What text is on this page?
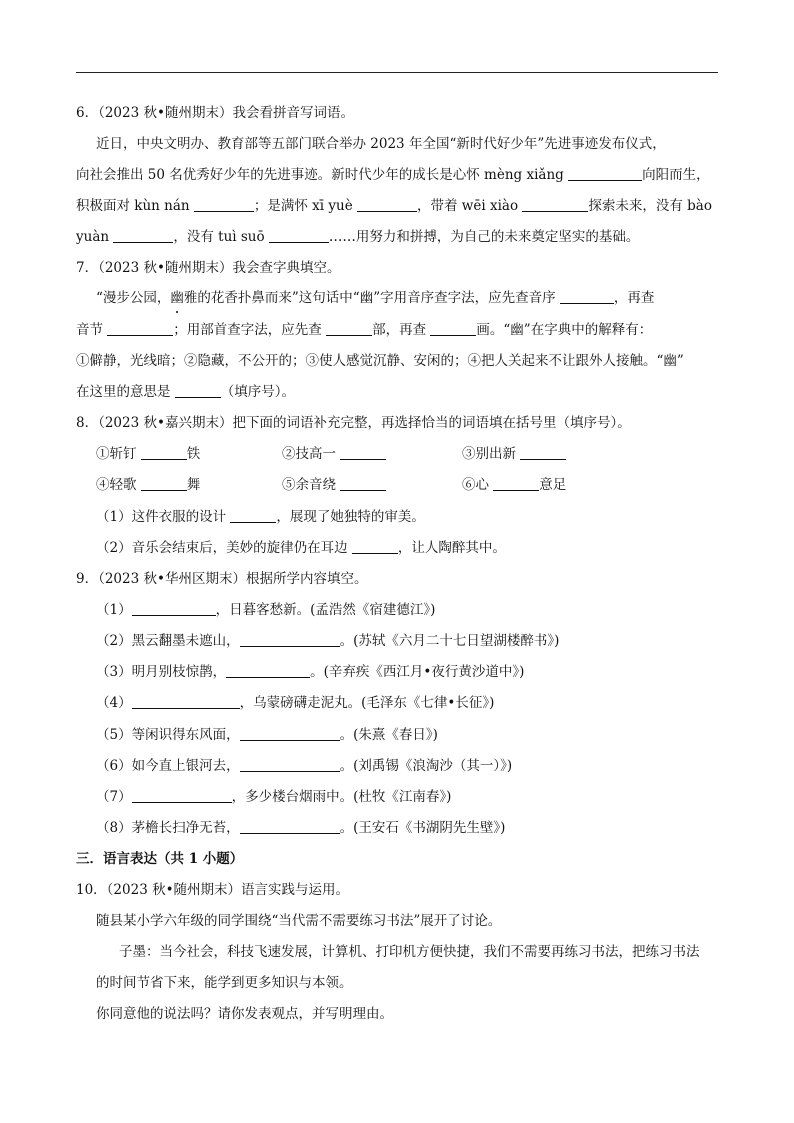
6．（2023 秋•随州期末）我会看拼音写词语。
近日，中央文明办、教育部等五部门联合举办 2023 年全国“新时代好少年”先进事迹发布仪式，
向社会推出 50 名优秀好少年的先进事迹。新时代少年的成长是心怀 mèng xiǎng	向阳而生，
积极面对 kùn nán	；是满怀 xī yuè	，带着 wēi xiào	探索未来，没有 bào
yuàn	，没有 tuì suō	……用努力和拼搏，为自己的未来奠定坚实的基础。
7．（2023 秋•随州期末）我会查字典填空。
“漫步公园，幽雅的花香扑鼻而来”这句话中“幽”字用音序查字法，应先查音序	，再查
音节	；用部首查字法，应先查	部，再查	画。“幽”在字典中的解释有：
①僻静，光线暗；②隐藏，不公开的；③使人感觉沉静、安闲的；④把人关起来不让跟外人接触。“幽”
在这里的意思是	（填序号）。
8．（2023 秋•嘉兴期末）把下面的词语补充完整，再选择恰当的词语填在括号里（填序号）。
①斩钉	铁	②技高一	③别出新
④轻歌	舞	⑤余音绕	⑥心	意足
（1）这件衣服的设计	，展现了她独特的审美。
（2）音乐会结束后，美妙的旋律仍在耳边	，让人陶醉其中。
9．（2023 秋•华州区期末）根据所学内容填空。
（1）	，日暮客愁新。(孟浩然《宿建德江》)
（2）黑云翻墨未遮山，	。(苏轼《六月二十七日望湖楼醉书》)
（3）明月别枝惊鹊，	。(辛弃疾《西江月•夜行黄沙道中》)
（4）	，乌蒙磅礴走泥丸。(毛泽东《七律•长征》)
（5）等闲识得东风面，	。(朱熹《春日》)
（6）如今直上银河去，	。(刘禹锡《浪淘沙（其一）》)
（7）	，多少楼台烟雨中。(杜牧《江南春》)
（8）茅檐长扫净无苔，	。(王安石《书湖阴先生壁》)
三．语言表达（共 1 小题）
10．（2023 秋•随州期末）语言实践与运用。
随县某小学六年级的同学围绕“当代需不需要练习书法”展开了讨论。
子墨：当今社会，科技飞速发展，计算机、打印机方便快捷，我们不需要再练习书法，把练习书法
的时间节省下来，能学到更多知识与本领。
你同意他的说法吗？请你发表观点，并写明理由。
